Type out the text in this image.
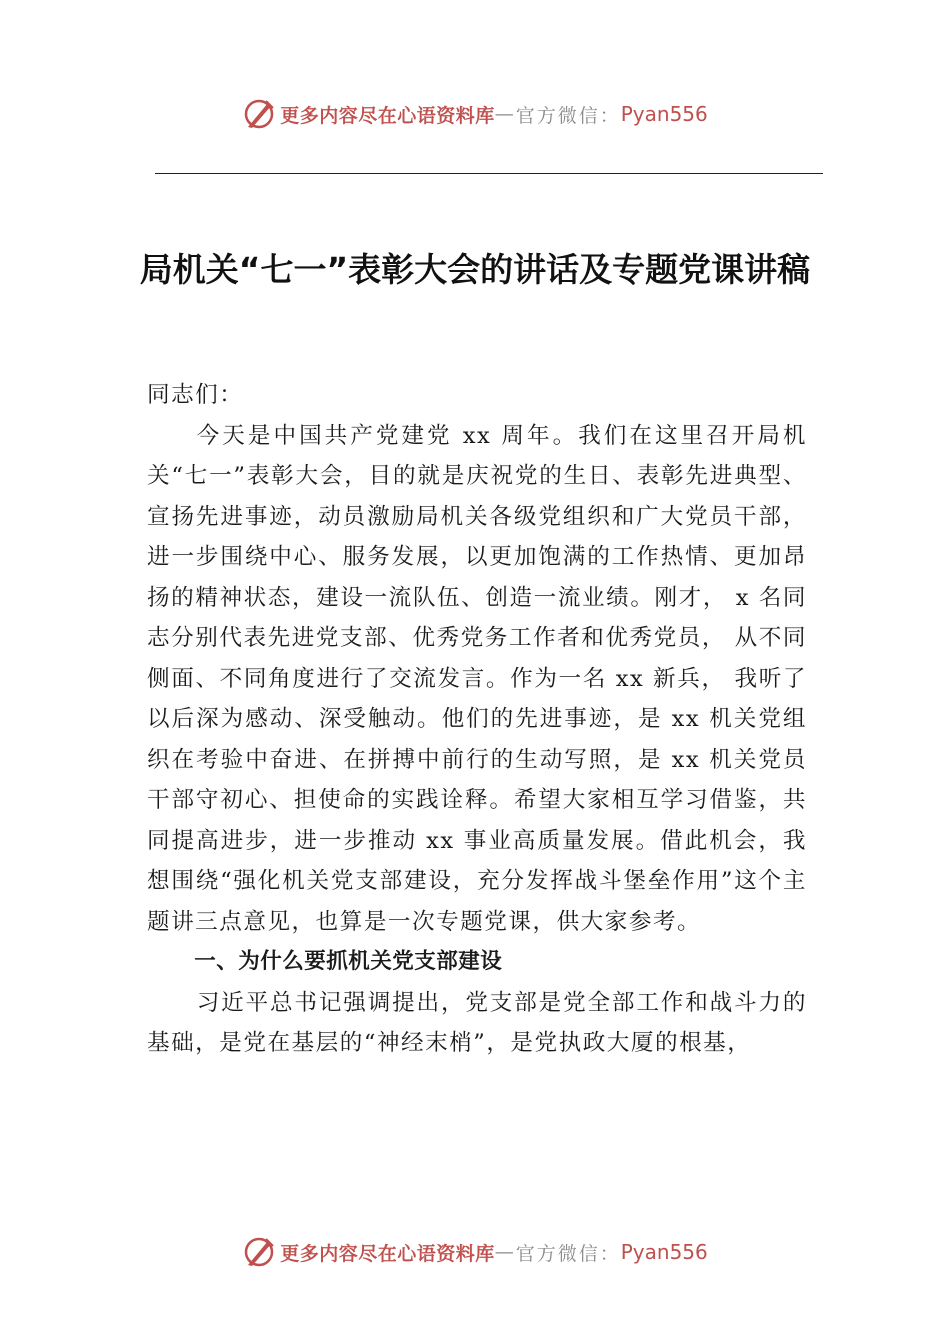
更多内容尽在心语资料库 — 官方微信： Pyan556
局机关“七一”表彰大会的讲话及专题党课讲稿

同志们：

今天是中国共产党建党 xx 周年。我们在这里召开局机关“七一”表彰大会，目的就是庆祝党的生日、表彰先进典型、宣扬先进事迹，动员激励局机关各级党组织和广大党员干部，进一步围绕中心、服务发展，以更加饱满的工作热情、更加昂扬的精神状态，建设一流队伍、创造一流业绩。刚才， x 名同志分别代表先进党支部、优秀党务工作者和优秀党员， 从不同侧面、不同角度进行了交流发言。作为一名 xx 新兵， 我听了以后深为感动、深受触动。他们的先进事迹，是 xx 机关党组织在考验中奋进、在拼搏中前行的生动写照，是 xx 机关党员干部守初心、担使命的实践诠释。希望大家相互学习借鉴，共同提高进步，进一步推动 xx 事业高质量发展。借此机会，我想围绕“强化机关党支部建设，充分发挥战斗堡垒作用”这个主题讲三点意见，也算是一次专题党课，供大家参考。

一、为什么要抓机关党支部建设

习近平总书记强调提出，党支部是党全部工作和战斗力的基础，是党在基层的“神经末梢”，是党执政大厦的根基，

更多内容尽在心语资料库 — 官方微信： Pyan556
